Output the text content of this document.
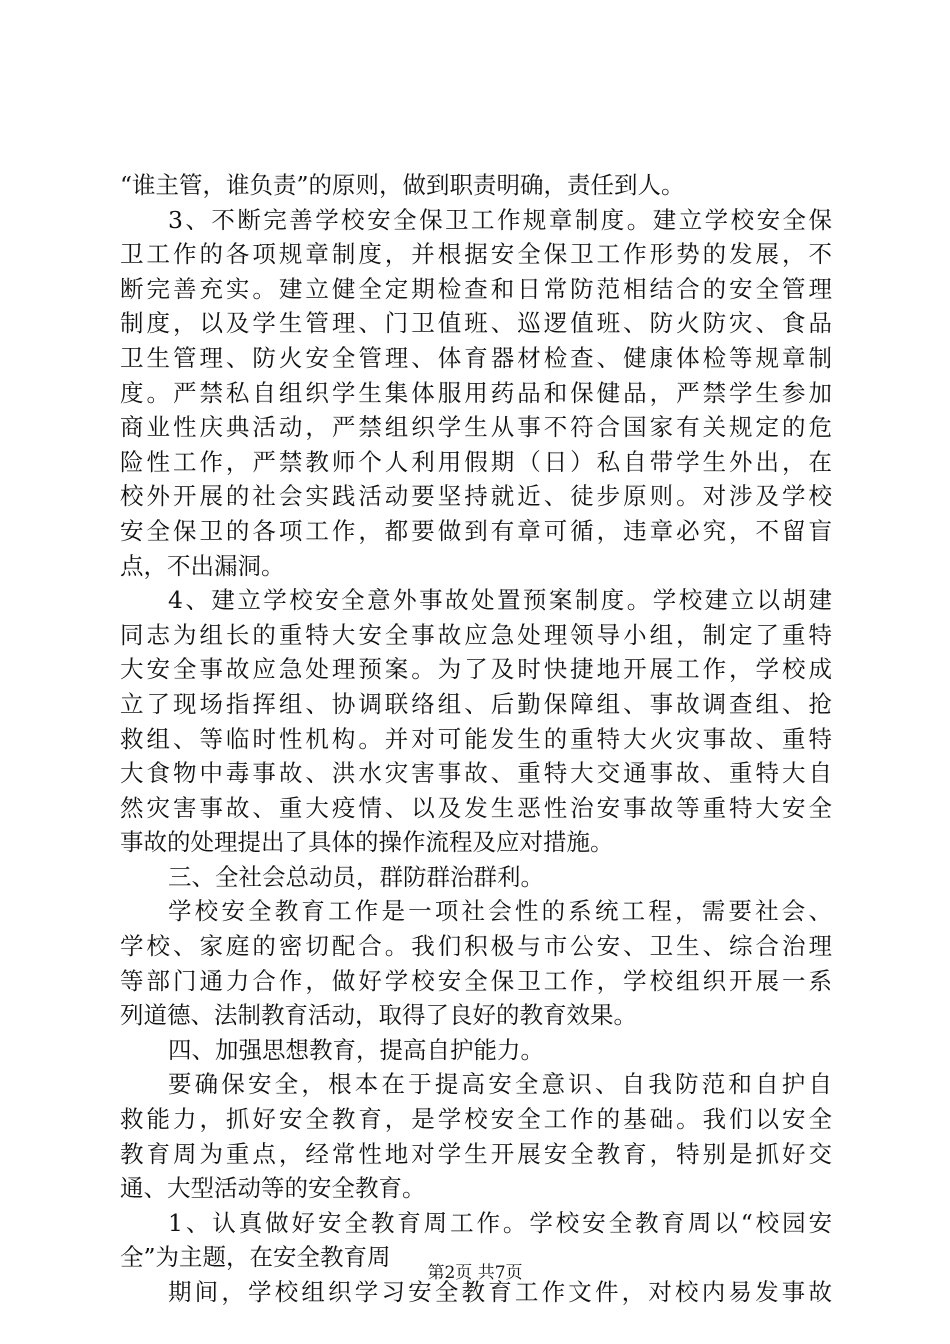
“谁主管，谁负责”的原则，做到职责明确，责任到人。
3、不断完善学校安全保卫工作规章制度。建立学校安全保
卫工作的各项规章制度，并根据安全保卫工作形势的发展，不
断完善充实。建立健全定期检查和日常防范相结合的安全管理
制度，以及学生管理、门卫值班、巡逻值班、防火防灾、食品
卫生管理、防火安全管理、体育器材检查、健康体检等规章制
度。严禁私自组织学生集体服用药品和保健品，严禁学生参加
商业性庆典活动，严禁组织学生从事不符合国家有关规定的危
险性工作，严禁教师个人利用假期（日）私自带学生外出，在
校外开展的社会实践活动要坚持就近、徒步原则。对涉及学校
安全保卫的各项工作，都要做到有章可循，违章必究，不留盲
点，不出漏洞。
4、建立学校安全意外事故处置预案制度。学校建立以胡建
同志为组长的重特大安全事故应急处理领导小组，制定了重特
大安全事故应急处理预案。为了及时快捷地开展工作，学校成
立了现场指挥组、协调联络组、后勤保障组、事故调查组、抢
救组、等临时性机构。并对可能发生的重特大火灾事故、重特
大食物中毒事故、洪水灾害事故、重特大交通事故、重特大自
然灾害事故、重大疫情、以及发生恶性治安事故等重特大安全
事故的处理提出了具体的操作流程及应对措施。
三、全社会总动员，群防群治群利。
学校安全教育工作是一项社会性的系统工程，需要社会、
学校、家庭的密切配合。我们积极与市公安、卫生、综合治理
等部门通力合作，做好学校安全保卫工作，学校组织开展一系
列道德、法制教育活动，取得了良好的教育效果。
四、加强思想教育，提高自护能力。
要确保安全，根本在于提高安全意识、自我防范和自护自
救能力，抓好安全教育，是学校安全工作的基础。我们以安全
教育周为重点，经常性地对学生开展安全教育，特别是抓好交
通、大型活动等的安全教育。
1、认真做好安全教育周工作。学校安全教育周以“校园安
全”为主题，在安全教育周
期间，学校组织学习安全教育工作文件，对校内易发事故
第2页 共7页
